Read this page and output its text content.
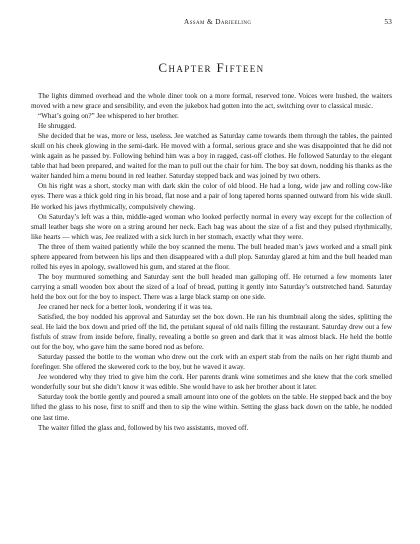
Assam & Darjeeling	53
Chapter Fifteen

The lights dimmed overhead and the whole diner took on a more formal, reserved tone. Voices were hushed, the waiters moved with a new grace and sensibility, and even the jukebox had gotten into the act, switching over to classical music.

“What’s going on?” Jee whispered to her brother.

He shrugged.

She decided that he was, more or less, useless. Jee watched as Saturday came towards them through the tables, the painted skull on his cheek glowing in the semi-dark. He moved with a formal, serious grace and she was disappointed that he did not wink again as he passed by. Following behind him was a boy in ragged, cast-off clothes. He followed Saturday to the elegant table that had been prepared, and waited for the man to pull out the chair for him. The boy sat down, nodding his thanks as the waiter handed him a menu bound in red leather. Saturday stepped back and was joined by two others.

On his right was a short, stocky man with dark skin the color of old blood. He had a long, wide jaw and rolling cow-like eyes. There was a thick gold ring in his broad, flat nose and a pair of long tapered horns spanned outward from his wide skull. He worked his jaws rhythmically, compulsively chewing.

On Saturday’s left was a thin, middle-aged woman who looked perfectly normal in every way except for the collection of small leather bags she wore on a string around her neck. Each bag was about the size of a fist and they pulsed rhythmically, like hearts — which was, Jee realized with a sick lurch in her stomach, exactly what they were.

The three of them waited patiently while the boy scanned the menu. The bull headed man’s jaws worked and a small pink sphere appeared from between his lips and then disappeared with a dull plop. Saturday glared at him and the bull headed man rolled his eyes in apology, swallowed his gum, and stared at the floor.

The boy murmured something and Saturday sent the bull headed man galloping off. He returned a few moments later carrying a small wooden box about the sized of a loaf of bread, putting it gently into Saturday’s outstretched hand. Saturday held the box out for the boy to inspect. There was a large black stamp on one side.

Jee craned her neck for a better look, wondering if it was tea.

Satisfied, the boy nodded his approval and Saturday set the box down. He ran his thumbnail along the sides, splitting the seal. He laid the box down and pried off the lid, the petulant squeal of old nails filling the restaurant. Saturday drew out a few fistfuls of straw from inside before, finally, revealing a bottle so green and dark that it was almost black. He held the bottle out for the boy, who gave him the same bored nod as before.

Saturday passed the bottle to the woman who drew out the cork with an expert stab from the nails on her right thumb and forefinger. She offered the skewered cork to the boy, but he waved it away.

Jee wondered why they tried to give him the cork. Her parents drank wine sometimes and she knew that the cork smelled wonderfully sour but she didn’t know it was edible. She would have to ask her brother about it later.

Saturday took the bottle gently and poured a small amount into one of the goblets on the table. He stepped back and the boy lifted the glass to his nose, first to sniff and then to sip the wine within. Setting the glass back down on the table, he nodded one last time.

The waiter filled the glass and, followed by his two assistants, moved off.
